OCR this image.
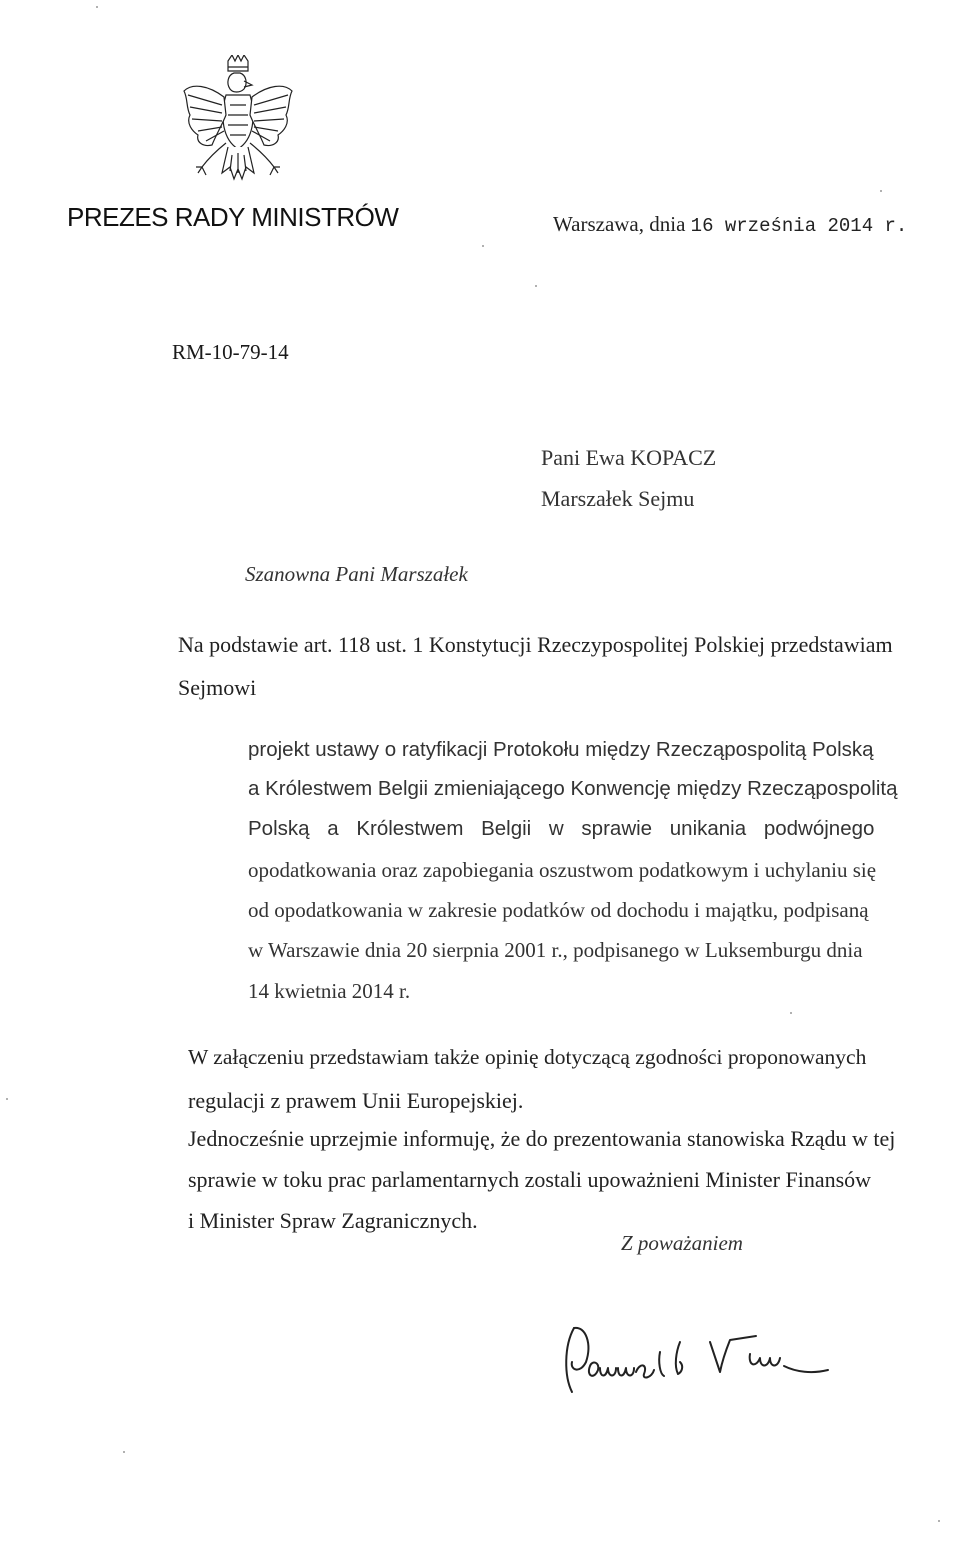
PREZES RADY MINISTRÓW	Warszawa, dnia 16 września 2014 r.
RM-10-79-14
Pani Ewa KOPACZ
Marszałek Sejmu
Szanowna Pani Marszałek
Na podstawie art. 118 ust. 1 Konstytucji Rzeczypospolitej Polskiej przedstawiam
Sejmowi
projekt ustawy o ratyfikacji Protokołu między Rzecząpospolitą Polską
a Królestwem Belgii zmieniającego Konwencję między Rzecząpospolitą
Polską a Królestwem Belgii w sprawie unikania podwójnego
opodatkowania oraz zapobiegania oszustwom podatkowym i uchylaniu się
od opodatkowania w zakresie podatków od dochodu i majątku, podpisaną
w Warszawie dnia 20 sierpnia 2001 r., podpisanego w Luksemburgu dnia
14 kwietnia 2014 r.
W załączeniu przedstawiam także opinię dotyczącą zgodności proponowanych
regulacji z prawem Unii Europejskiej.
Jednocześnie uprzejmie informuję, że do prezentowania stanowiska Rządu w tej
sprawie w toku prac parlamentarnych zostali upoważnieni Minister Finansów
i Minister Spraw Zagranicznych.
Z poważaniem
